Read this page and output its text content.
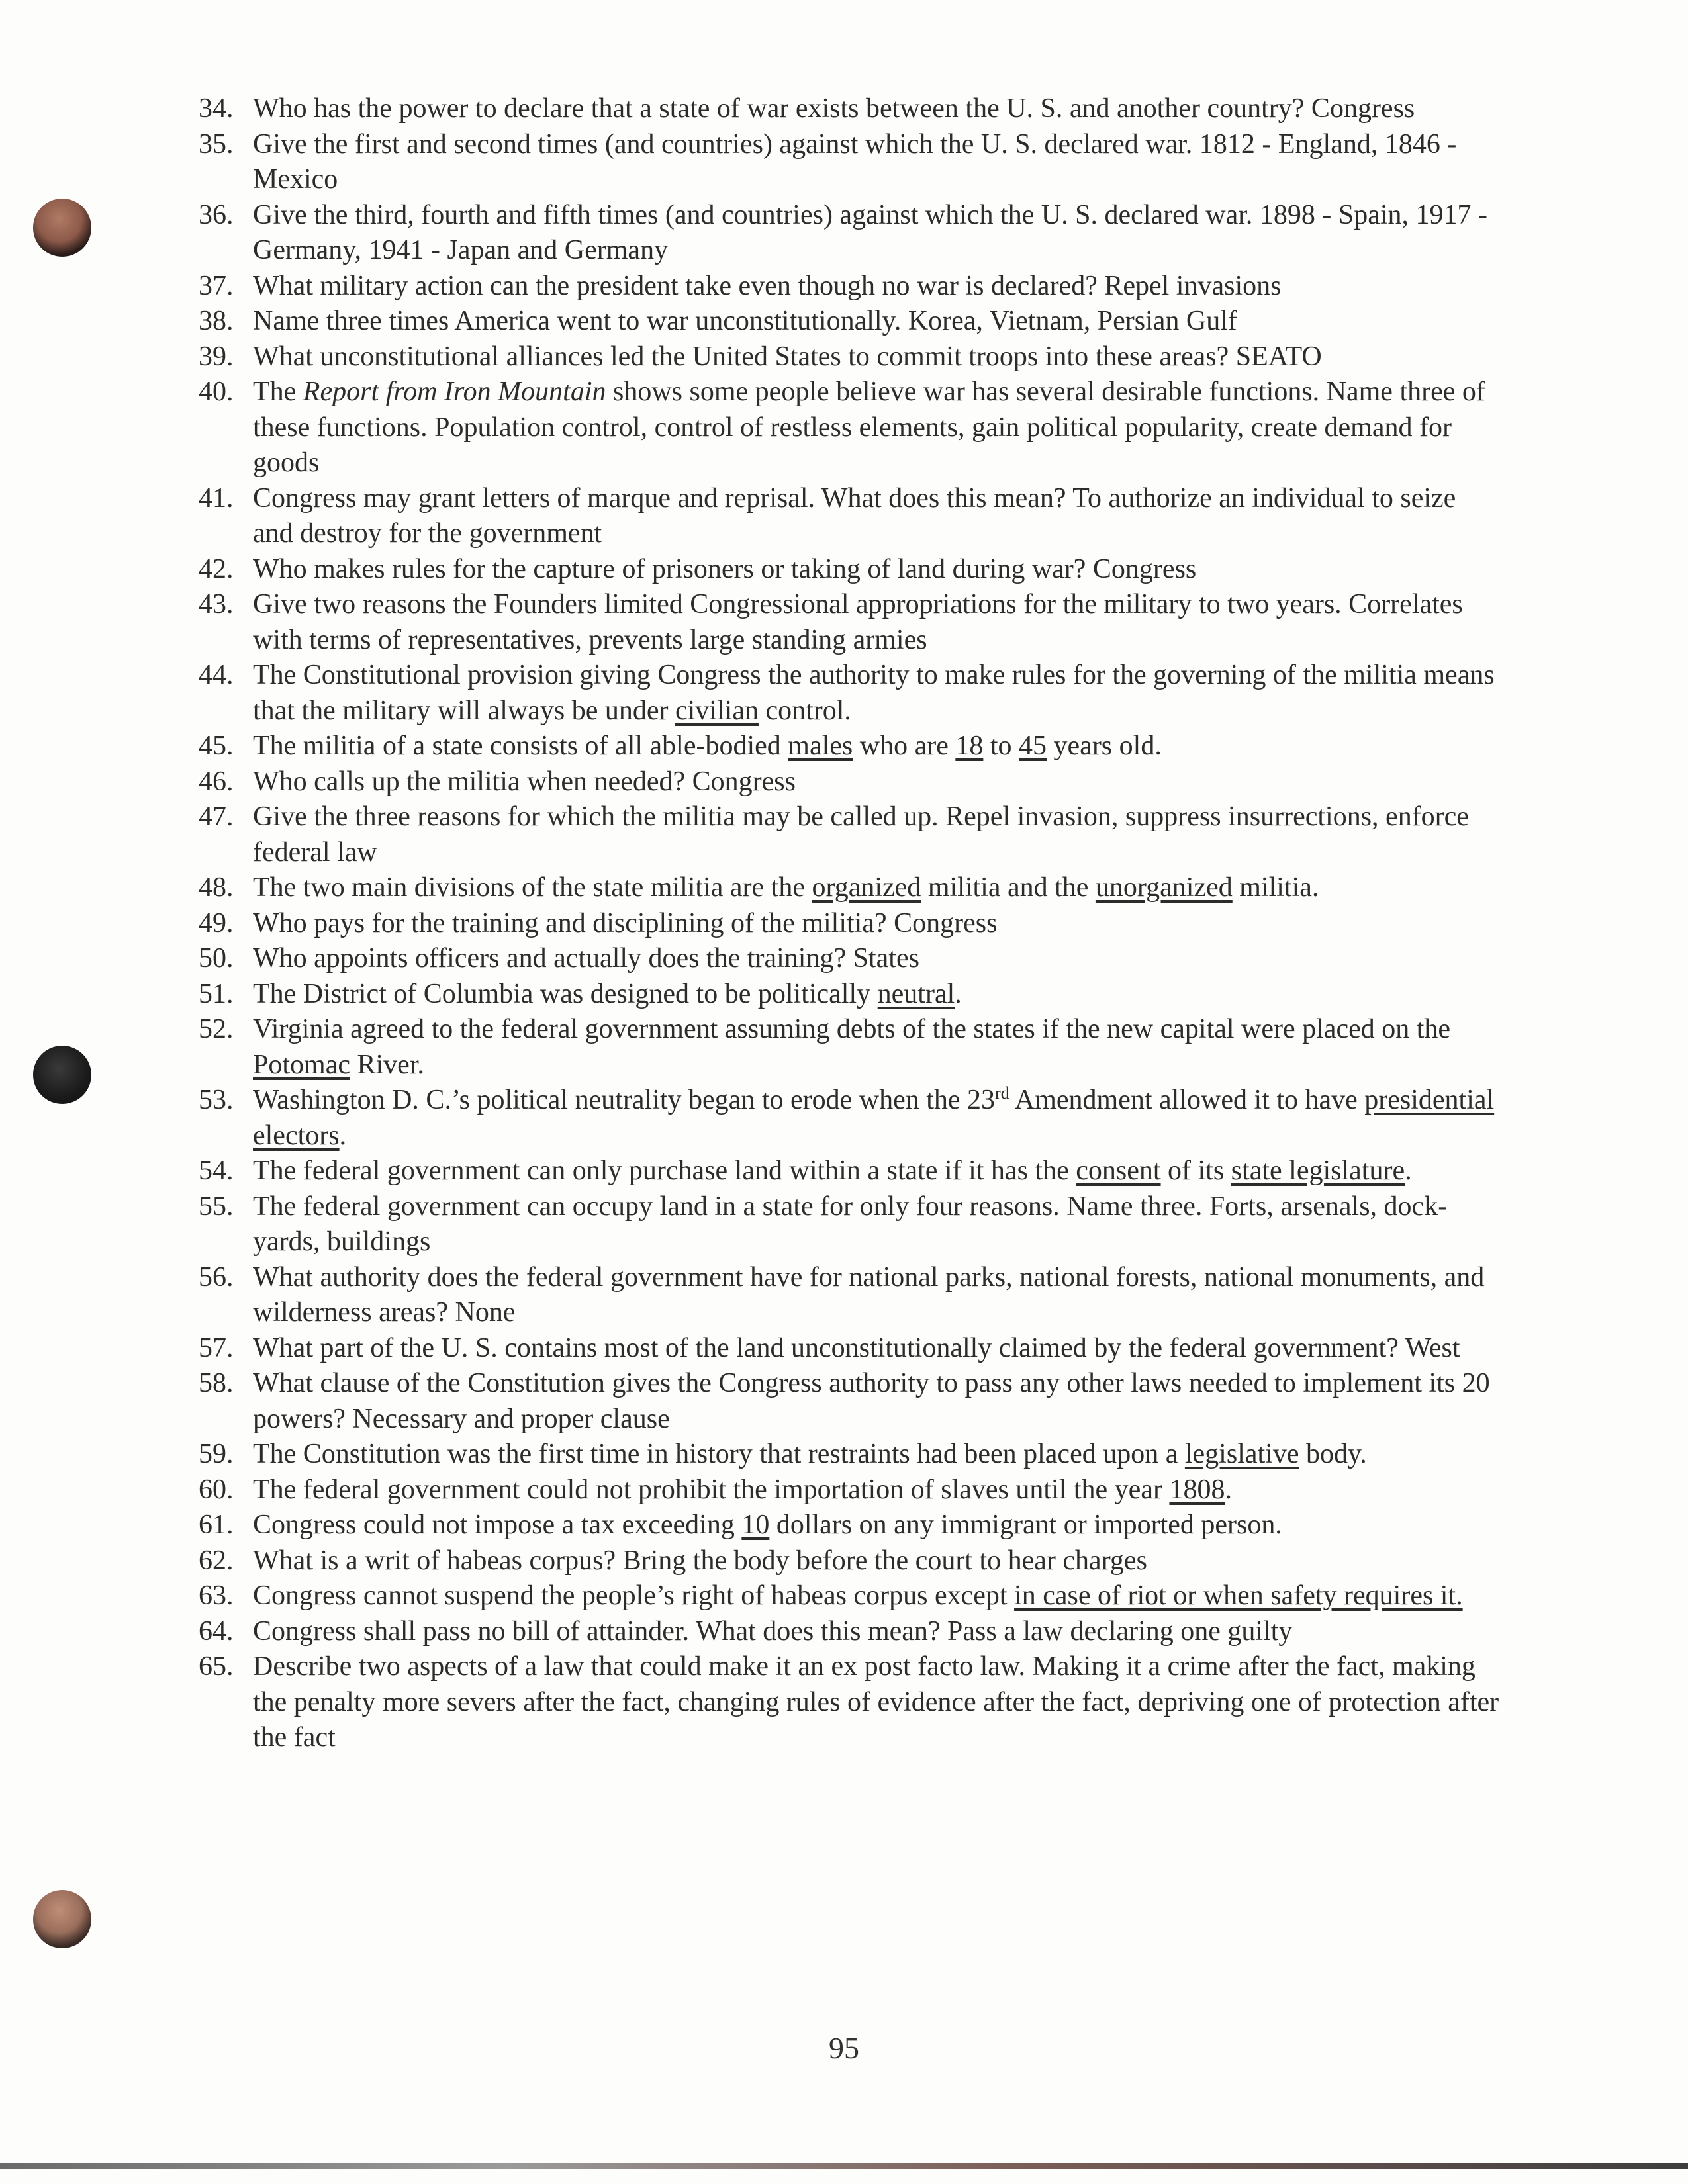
34. Who has the power to declare that a state of war exists between the U. S. and another country? Congress
35. Give the first and second times (and countries) against which the U. S. declared war. 1812 - England, 1846 - Mexico
36. Give the third, fourth and fifth times (and countries) against which the U. S. declared war. 1898 - Spain, 1917 - Germany, 1941 - Japan and Germany
37. What military action can the president take even though no war is declared? Repel invasions
38. Name three times America went to war unconstitutionally. Korea, Vietnam, Persian Gulf
39. What unconstitutional alliances led the United States to commit troops into these areas? SEATO
40. The Report from Iron Mountain shows some people believe war has several desirable functions. Name three of these functions. Population control, control of restless elements, gain political popularity, create demand for goods
41. Congress may grant letters of marque and reprisal. What does this mean? To authorize an individual to seize and destroy for the government
42. Who makes rules for the capture of prisoners or taking of land during war? Congress
43. Give two reasons the Founders limited Congressional appropriations for the military to two years. Correlates with terms of representatives, prevents large standing armies
44. The Constitutional provision giving Congress the authority to make rules for the governing of the militia means that the military will always be under civilian control.
45. The militia of a state consists of all able-bodied males who are 18 to 45 years old.
46. Who calls up the militia when needed? Congress
47. Give the three reasons for which the militia may be called up. Repel invasion, suppress insurrections, enforce federal law
48. The two main divisions of the state militia are the organized militia and the unorganized militia.
49. Who pays for the training and disciplining of the militia? Congress
50. Who appoints officers and actually does the training? States
51. The District of Columbia was designed to be politically neutral.
52. Virginia agreed to the federal government assuming debts of the states if the new capital were placed on the Potomac River.
53. Washington D. C.’s political neutrality began to erode when the 23rd Amendment allowed it to have presidential electors.
54. The federal government can only purchase land within a state if it has the consent of its state legislature.
55. The federal government can occupy land in a state for only four reasons. Name three. Forts, arsenals, dock-yards, buildings
56. What authority does the federal government have for national parks, national forests, national monuments, and wilderness areas? None
57. What part of the U. S. contains most of the land unconstitutionally claimed by the federal government? West
58. What clause of the Constitution gives the Congress authority to pass any other laws needed to implement its 20 powers? Necessary and proper clause
59. The Constitution was the first time in history that restraints had been placed upon a legislative body.
60. The federal government could not prohibit the importation of slaves until the year 1808.
61. Congress could not impose a tax exceeding 10 dollars on any immigrant or imported person.
62. What is a writ of habeas corpus? Bring the body before the court to hear charges
63. Congress cannot suspend the people’s right of habeas corpus except in case of riot or when safety requires it.
64. Congress shall pass no bill of attainder. What does this mean? Pass a law declaring one guilty
65. Describe two aspects of a law that could make it an ex post facto law. Making it a crime after the fact, making the penalty more severs after the fact, changing rules of evidence after the fact, depriving one of protection after the fact
95
